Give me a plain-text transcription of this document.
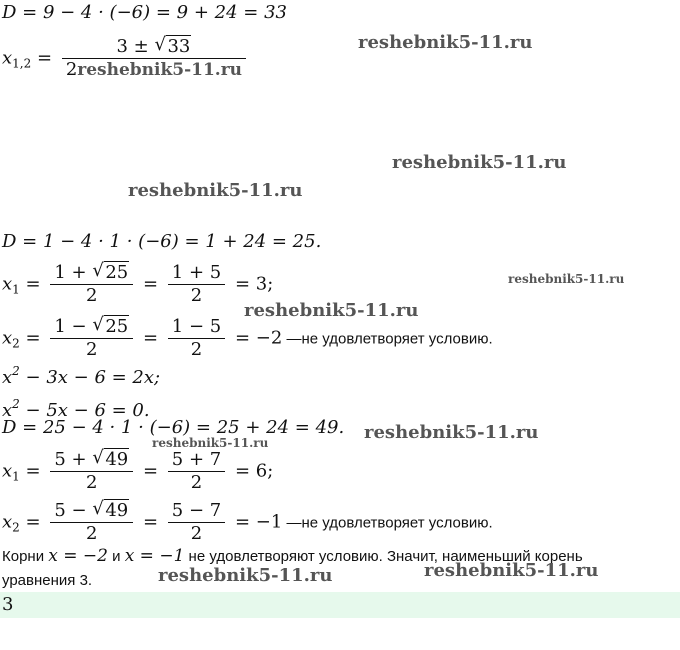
D = 9 − 4 · (−6) = 9 + 24 = 33
$x_{1,2} = \frac{3 \pm √ 33}{\text{2reshebnik5-11.ru}}$
D = 1 − 4 · 1 · (−6) = 1 + 24 = 25.
$x_1 = \frac{1 + √ 25}{2} = \frac{1 + 5}{2} = 3$;
$x_2 = \frac{1 - √ 25}{2} = \frac{1 - 5}{2} = -2$ —не удовлетворяет условию.
$x^2 - 3x - 6 = 2x$;
$x^2 - 5x - 6 = 0$.
D = 25 − 4 · 1 · (−6) = 25 + 24 = 49.
$x_1 = \frac{5 + √ 49}{2} = \frac{5 + 7}{2} = 6$;
$x_2 = \frac{5 - √ 49}{2} = \frac{5 - 7}{2} = -1$ —не удовлетворяет условию.
Корни x = −2 и x = −1 не удовлетворяют условию. Значит, наименьший корень
уравнения 3.
3
reshebnik5-11.ru
reshebnik5-11.ru
reshebnik5-11.ru
reshebnik5-11.ru
reshebnik5-11.ru
reshebnik5-11.ru
reshebnik5-11.ru
reshebnik5-11.ru	reshebnik5-11.ru
